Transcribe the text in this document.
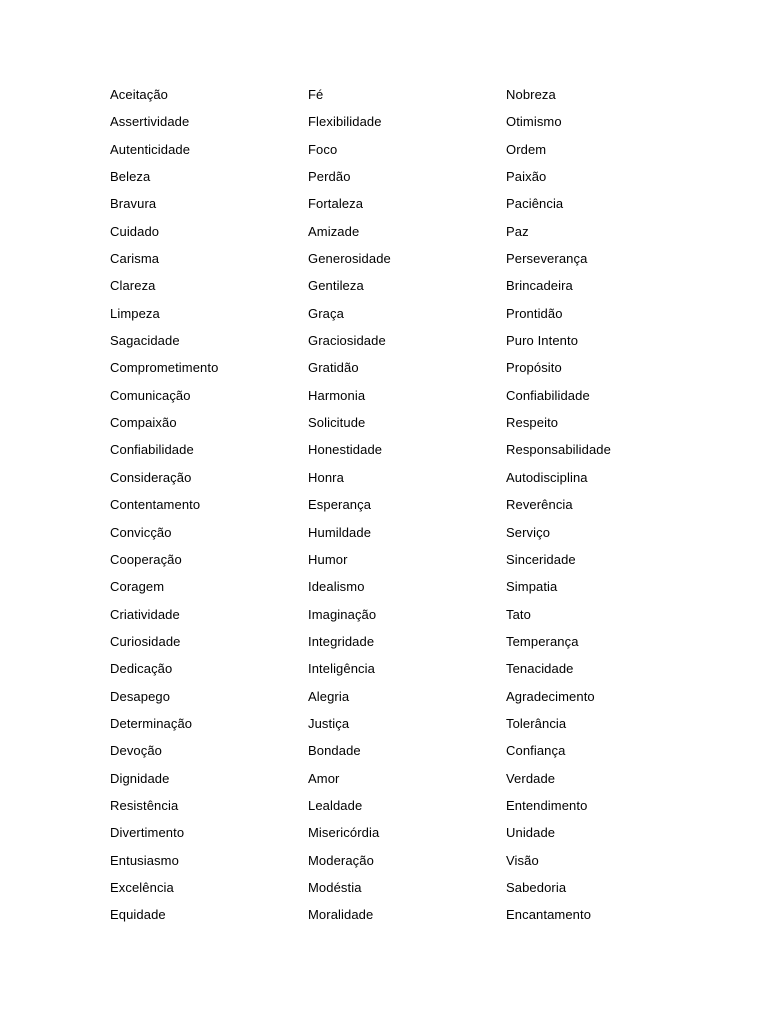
Aceitação
Assertividade
Autenticidade
Beleza
Bravura
Cuidado
Carisma
Clareza
Limpeza
Sagacidade
Comprometimento
Comunicação
Compaixão
Confiabilidade
Consideração
Contentamento
Convicção
Cooperação
Coragem
Criatividade
Curiosidade
Dedicação
Desapego
Determinação
Devoção
Dignidade
Resistência
Divertimento
Entusiasmo
Excelência
Equidade
Fé
Flexibilidade
Foco
Perdão
Fortaleza
Amizade
Generosidade
Gentileza
Graça
Graciosidade
Gratidão
Harmonia
Solicitude
Honestidade
Honra
Esperança
Humildade
Humor
Idealismo
Imaginação
Integridade
Inteligência
Alegria
Justiça
Bondade
Amor
Lealdade
Misericórdia
Moderação
Modéstia
Moralidade
Nobreza
Otimismo
Ordem
Paixão
Paciência
Paz
Perseverança
Brincadeira
Prontidão
Puro Intento
Propósito
Confiabilidade
Respeito
Responsabilidade
Autodisciplina
Reverência
Serviço
Sinceridade
Simpatia
Tato
Temperança
Tenacidade
Agradecimento
Tolerância
Confiança
Verdade
Entendimento
Unidade
Visão
Sabedoria
Encantamento
